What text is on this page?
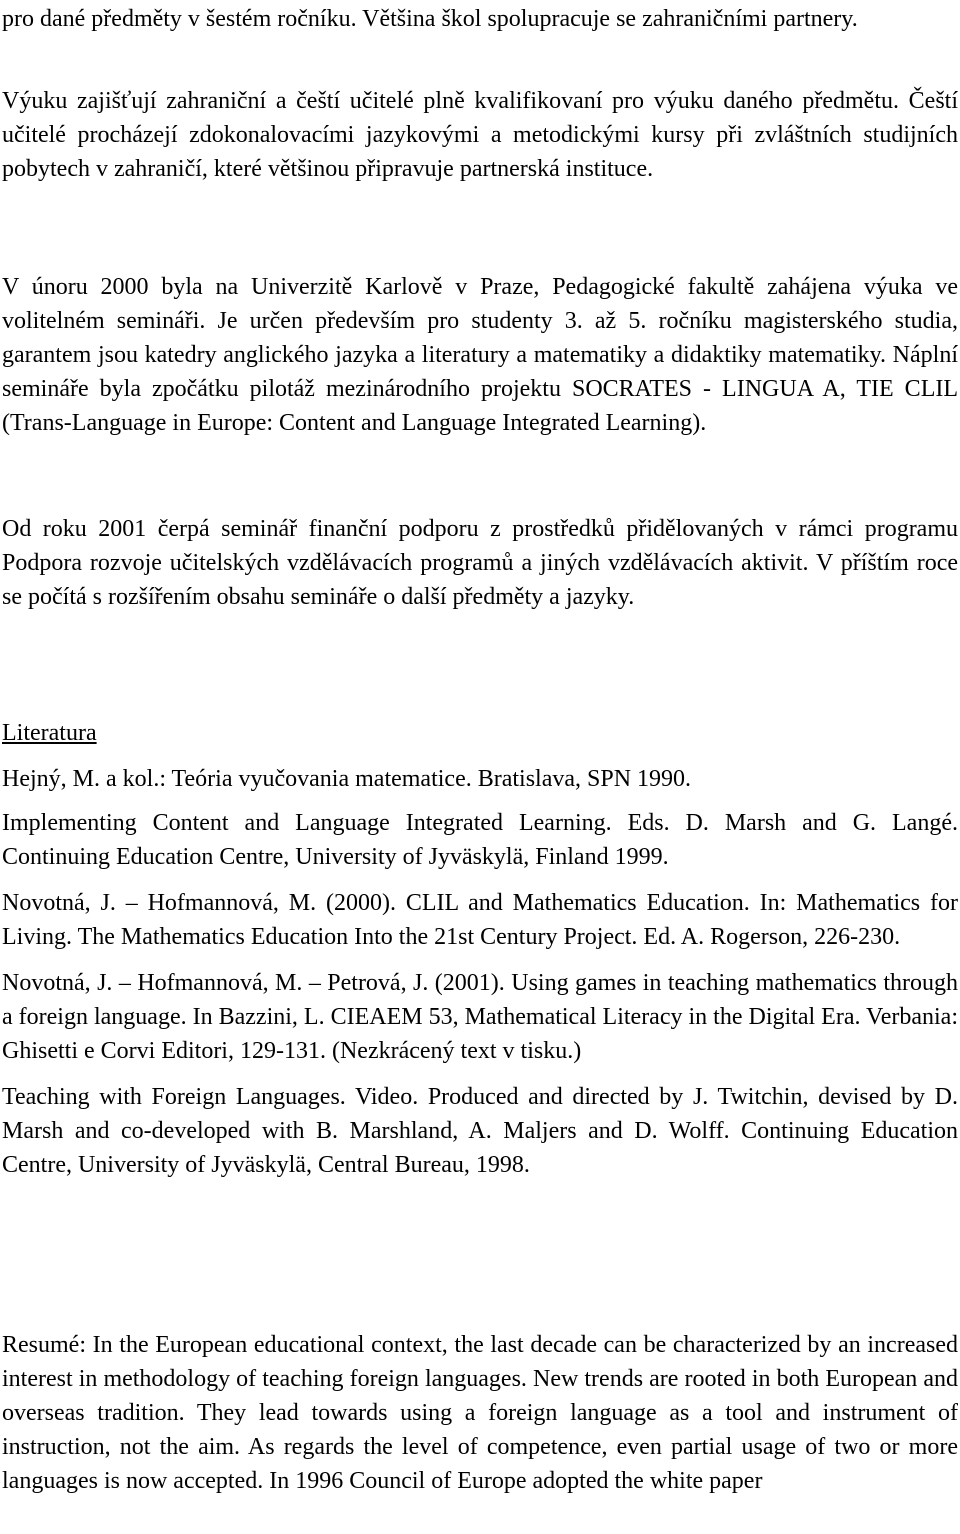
pro dané předměty v šestém ročníku. Většina škol spolupracuje se zahraničními partnery.

Výuku zajišťují zahraniční a čeští učitelé plně kvalifikovaní pro výuku daného předmětu. Čeští učitelé procházejí zdokonalovacími jazykovými a metodickými kursy při zvláštních studijních pobytech v zahraničí, které většinou připravuje partnerská instituce.

V únoru 2000 byla na Univerzitě Karlově v Praze, Pedagogické fakultě zahájena výuka ve volitelném semináři. Je určen především pro studenty 3. až 5. ročníku magisterského studia, garantem jsou katedry anglického jazyka a literatury a matematiky a didaktiky matematiky. Náplní semináře byla zpočátku pilotáž mezinárodního projektu SOCRATES - LINGUA A, TIE CLIL (Trans-Language in Europe: Content and Language Integrated Learning).

Od roku 2001 čerpá seminář finanční podporu z prostředků přidělovaných v rámci programu Podpora rozvoje učitelských vzdělávacích programů a jiných vzdělávacích aktivit. V příštím roce se počítá s rozšířením obsahu semináře o další předměty a jazyky.

Literatura

Hejný, M. a kol.: Teória vyučovania matematice. Bratislava, SPN 1990.

Implementing Content and Language Integrated Learning. Eds. D. Marsh and G. Langé. Continuing Education Centre, University of Jyväskylä, Finland 1999.

Novotná, J. – Hofmannová, M. (2000). CLIL and Mathematics Education. In: Mathematics for Living. The Mathematics Education Into the 21st Century Project. Ed. A. Rogerson, 226-230.

Novotná, J. – Hofmannová, M. – Petrová, J. (2001). Using games in teaching mathematics through a foreign language. In Bazzini, L. CIEAEM 53, Mathematical Literacy in the Digital Era. Verbania: Ghisetti e Corvi Editori, 129-131. (Nezkrácený text v tisku.)

Teaching with Foreign Languages. Video. Produced and directed by J. Twitchin, devised by D. Marsh and co-developed with B. Marshland, A. Maljers and D. Wolff. Continuing Education Centre, University of Jyväskylä, Central Bureau, 1998.

Resumé: In the European educational context, the last decade can be characterized by an increased interest in methodology of teaching foreign languages. New trends are rooted in both European and overseas tradition. They lead towards using a foreign language as a tool and instrument of instruction, not the aim. As regards the level of competence, even partial usage of two or more languages is now accepted. In 1996 Council of Europe adopted the white paper
